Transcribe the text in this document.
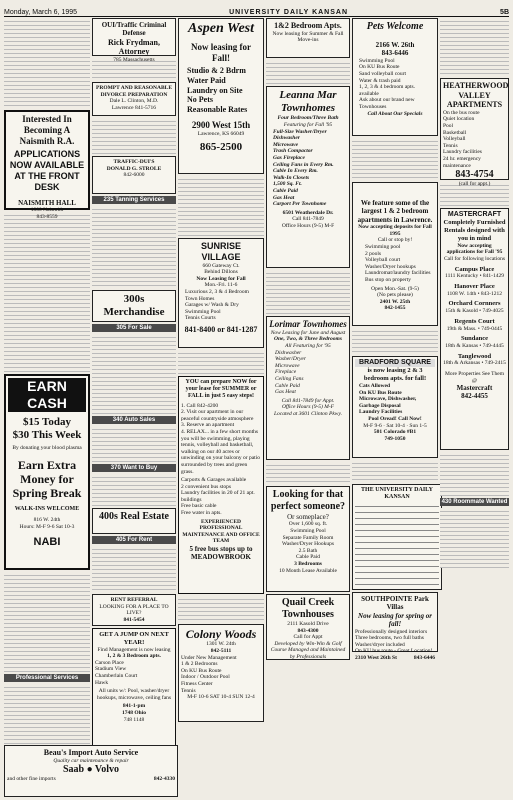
Monday, March 6, 1995	UNIVERSITY DAILY KANSAN	5B
Interested In Becoming A Naismith R.A.
APPLICATIONS NOW AVAILABLE AT THE FRONT DESK
NAISMITH HALL
1800 Naismith
843-8559
EARN CASH
$15 Today
$30 This Week
By donating your blood plasma
Earn Extra Money for Spring Break
WALK-INS WELCOME
816 W. 24th
Hours: M-F 9-6 Sat 10-3
NABI
Professional Services
OUI/Traffic Criminal Defense
Rick Frydman, Attorney
785 Massachusetts
PROMPT AND REASONABLE DIVORCE PREPARATION
Dale L. Clinton, M.D.
Lawrence 841-5716
TRAFFIC-DUI'S
DONALD G. STROLE
842-6000
235 Tanning Services
300s Merchandise
305 For Sale
340 Auto Sales
370 Want to Buy
400s Real Estate
405 For Rent
RENT REFERRAL
LOOKING FOR A PLACE TO LIVE?
841-5454
GET A JUMP ON NEXT YEAR!
Find Management is now leasing
1, 2 & 3 Bedroom apts.
Carson Place
Stadium View
Chamberlain Court
Hawk
All units w/: Pool, washer/dryer hookups, microwave, ceiling fans
841-1-pm
1748 Ohio
748 1148
Aspen West
Now leasing for Fall!
Studio & 2 Bdrm
Water Paid
Laundry on Site
No Pets
Reasonable Rates
2900 West 15th
Lawrence, KS 66049
865-2500
SUNRISE VILLAGE
660 Gateway Ct.
Behind Dillons
Now Leasing for Fall
Mon.-Fri. 11-6
Luxurious 2, 3 & 4 Bedroom Town Homes
Garages w/ Wash & Dry
Swimming Pool
Tennis Courts
841-8400 or 841-1287
YOU can prepare NOW for your lease for SUMMER or FALL in just 5 easy steps!
1. Call 842-4200
2. Visit our apartment in our peaceful countryside atmosphere
3. Reserve an apartment
4. RELAX... in a few short months you will be swimming, playing tennis, volleyball and basketball, walking on our 40 acres or unwinding on your balcony or patio surrounded by trees and green grass.
Carports & Garages available
2 convenient bus stops
Laundry facilities in 20 of 21 apt. buildings
Free basic cable
Free water in apts.
EXPERIENCED PROFESSIONAL MAINTENANCE AND OFFICE TEAM
5 free bus stops up to MEADOWBROOK
Colony Woods
1301 W. 24th
842-5111
Under New Management
1 & 2 Bedrooms
On KU Bus Route
Indoor / Outdoor Pool
Fitness Center
Tennis
M-F 10-6 SAT 10-4 SUN 12-4
1&2 Bedroom Apts.
Now leasing for Summer & Fall Move-ins
Leanna Mar Townhomes
Four Bedroom/Three Bath
Featuring for Fall '95
Full-Size Washer/Dryer
Dishwasher
Microwave
Trash Compactor
Gas Fireplace
Ceiling Fans in Every Rm.
Cable In Every Rm.
Walk-In Closets
1,500 Sq. Ft.
Cable Paid
Gas Heat
Carport Per Townhome
6501 Weatherdale Dr.
Call 841-7849
Office Hours (9-5) M-F
Lorimar Townhomes
Now Leasing for June and August
One, Two, & Three Bedrooms
All Featuring for '95
Dishwasher
Washer/Dryer
Microwave
Fireplace
Ceiling Fans
Cable Paid
Gas Heat
Call 841-7849 for Appt.
Office Hours (9-5) M-F
Located at 3601 Clinton Pkwy.
Looking for that perfect someone?
Or someplace?
Over 1,600 sq. ft.
Swimming Pool
Separate Family Room
Washer/Dryer Hookups
2.5 Bath
Cable Paid
3 Bedrooms
10 Month Lease Available
Quail Creek Townhouses
2111 Kasold Drive
843-4300
Call for Appt
Developed by Win-Win & Golf Course Managed and Maintained by Professionals
Pets Welcome
2166 W. 26th
843-6446
Swimming Pool
On KU Bus Route
Sand volleyball court
Water & trash paid
1, 2, 3 & 4 bedroom apts. available
Ask about our brand new Townhouses
Call About Our Specials
We feature some of the largest 1 & 2 bedroom apartments in Lawrence.
Now accepting deposits for Fall 1995
Call or stop by!
Swimming pool
2 pools
Volleyball court
Washer/Dryer hookups
Laundromat/laundry facilities
Bus stop on property
Open Mon.-Sat. (9-5)
(No pets please)
2401 W. 25th
842-1455
BRADFORD SQUARE
is now leasing 2 & 3 bedroom apts. for fall!
Cats Allowed
On KU Bus Route
Microwave, Dishwasher, Garbage Disposal
Laundry Facilities
Pool Oread! Call Now!
M-F 9-6 · Sat 10-4 · Sun 1-5
501 Colorado #B1
749-1050
THE UNIVERSITY DAILY KANSAN
SOUTHPOINTE Park Villas
Now leasing for spring or fall!
Professionally designed interiors
Three bedrooms, two full baths
Washer/dryer included
On KU bus route - Great Location!
2310 West 26th St	843-6446
HEATHERWOOD VALLEY APARTMENTS
On the bus route
Quiet location
Pool
Basketball
Volleyball
Tennis
Laundry facilities
24 hr. emergency maintenance
843-4754
(call for appt.)
MASTERCRAFT
Completely Furnished Rentals designed with you in mind
Now accepting applications for Fall '95
Call for following locations
Campus Place
1111 Kentucky • 841-1429
Hanover Place
1108 W. 14th • 843-1212
Orchard Cornners
15th & Kasold • 749-4025
Regents Court
19th & Mass. • 749-0445
Sundance
18th & Kansas • 749-4445
Tanglewood
18th & Arkansas • 749-2415
More Properties See Them @
Mastercraft
842-4455
430 Roommate Wanted
Beau's Import Auto Service
Quality car maintenance & repair
Saab ● Volvo
and other fine imports	842-4330
